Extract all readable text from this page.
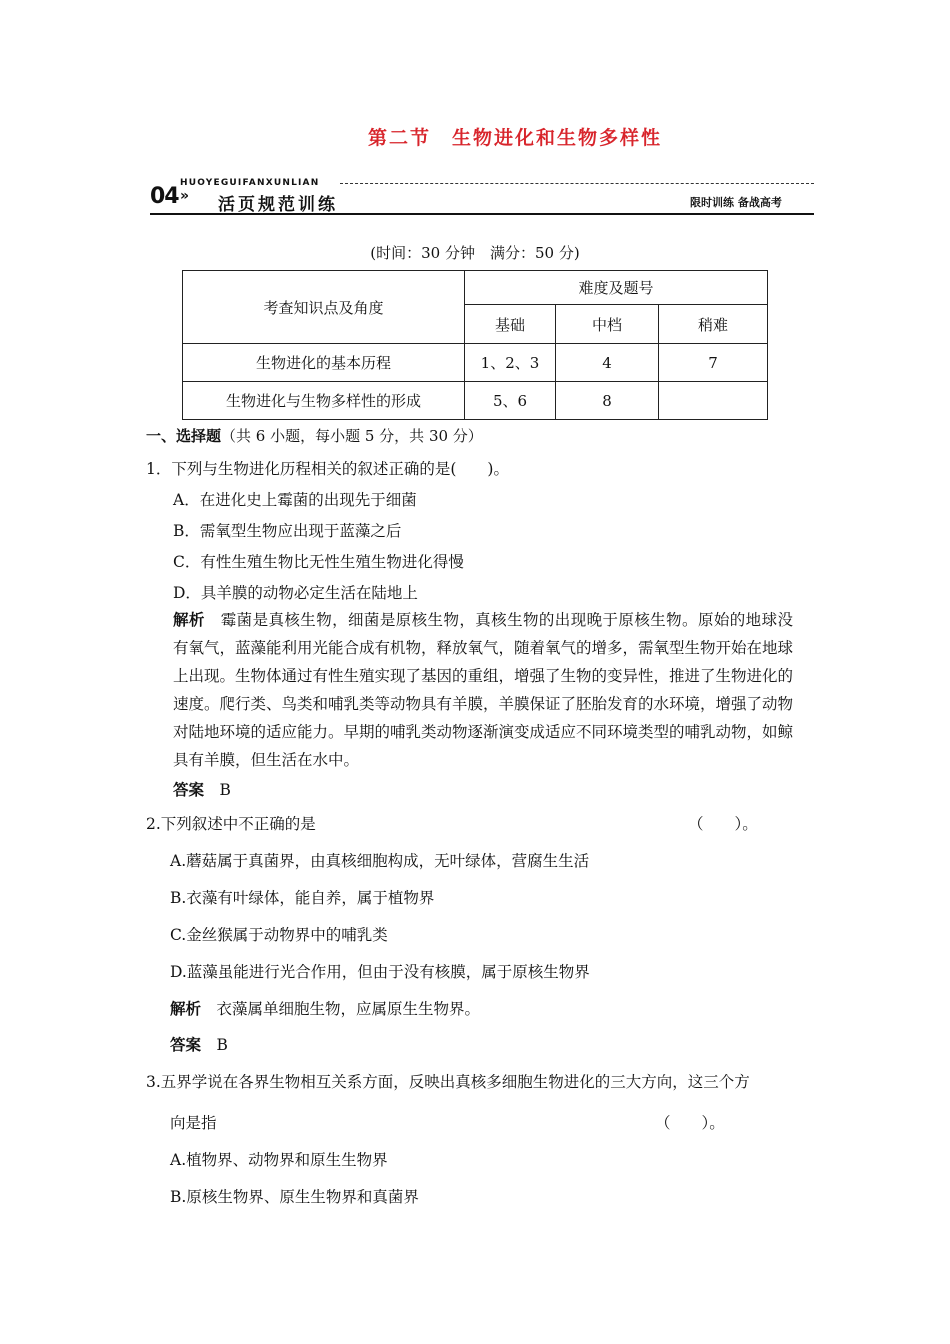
第二节　生物进化和生物多样性
HUOYEGUIFANXUNLIAN
04 » 活页规范训练	限时训练 备战高考
(时间：30 分钟　满分：50 分)
考查知识点及角度	难度及题号		
	基础	中档	稍难
生物进化的基本历程	1、2、3	4	7
生物进化与生物多样性的形成	5、6	8	
一、选择题（共 6 小题，每小题 5 分，共 30 分）
1．下列与生物进化历程相关的叙述正确的是(　　)。
A．在进化史上霉菌的出现先于细菌
B．需氧型生物应出现于蓝藻之后
C．有性生殖生物比无性生殖生物进化得慢
D．具羊膜的动物必定生活在陆地上
解析　 霉菌是真核生物，细菌是原核生物，真核生物的出现晚于原核生物。原始的地球没有氧气，蓝藻能利用光能合成有机物，释放氧气，随着氧气的增多，需氧型生物开始在地球上出现。生物体通过有性生殖实现了基因的重组，增强了生物的变异性，推进了生物进化的速度。爬行类、鸟类和哺乳类等动物具有羊膜，羊膜保证了胚胎发育的水环境，增强了动物对陆地环境的适应能力。早期的哺乳类动物逐渐演变成适应不同环境类型的哺乳动物，如鲸具有羊膜，但生活在水中。
答案　 B
2.下列叙述中不正确的是	（　　）。
A.蘑菇属于真菌界，由真核细胞构成，无叶绿体，营腐生生活
B.衣藻有叶绿体，能自养，属于植物界
C.金丝猴属于动物界中的哺乳类
D.蓝藻虽能进行光合作用，但由于没有核膜，属于原核生物界
解析　 衣藻属单细胞生物，应属原生生物界。
答案　 B
3.五界学说在各界生物相互关系方面，反映出真核多细胞生物进化的三大方向，这三个方
向是指	（　　）。
A.植物界、动物界和原生生物界
B.原核生物界、原生生物界和真菌界
